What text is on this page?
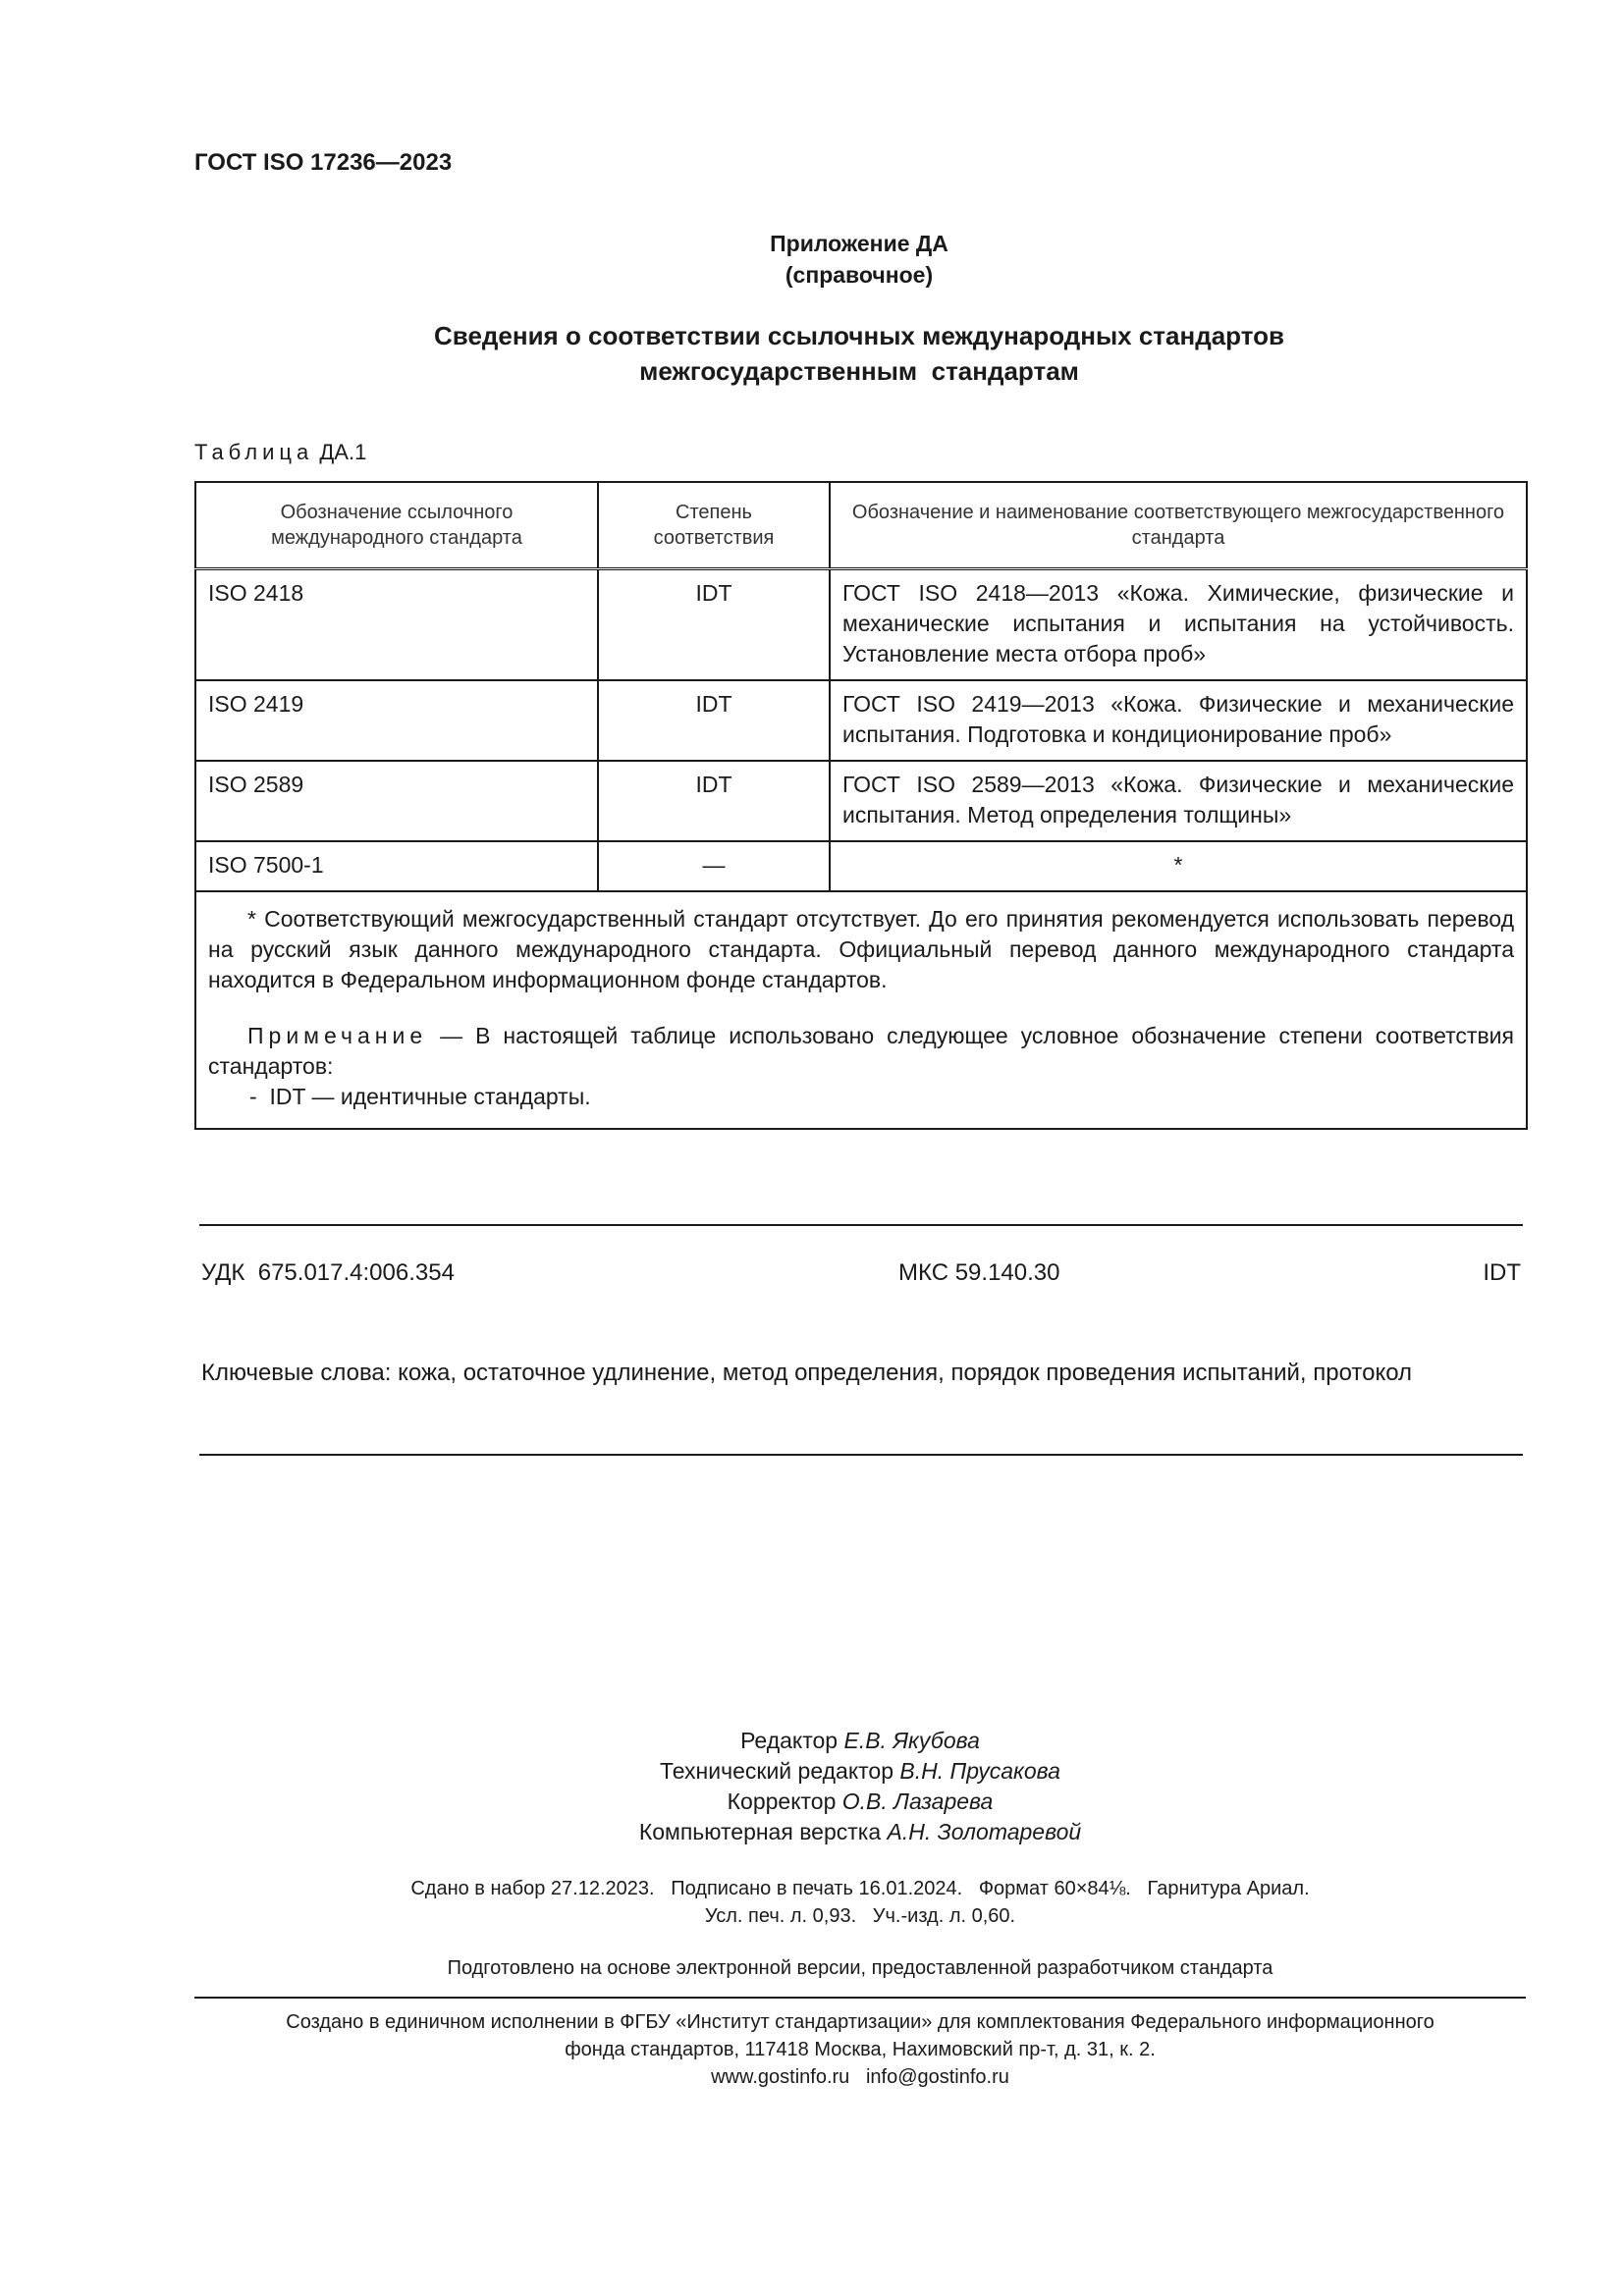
ГОСТ ISO 17236—2023
Приложение ДА
(справочное)
Сведения о соответствии ссылочных международных стандартов
межгосударственным  стандартам
Таблица ДА.1
Обозначение ссылочного международного стандарта	Степень соответствия	Обозначение и наименование соответствующего межгосударственного стандарта
ISO 2418	IDT	ГОСТ ISO 2418—2013 «Кожа. Химические, физические и механические испытания и испытания на устойчивость. Установление места отбора проб»
ISO 2419	IDT	ГОСТ ISO 2419—2013 «Кожа. Физические и механические испытания. Подготовка и кондиционирование проб»
ISO 2589	IDT	ГОСТ ISO 2589—2013 «Кожа. Физические и механические испытания. Метод определения толщины»
ISO 7500-1	—	*

* Соответствующий межгосударственный стандарт отсутствует. До его принятия рекомендуется использовать перевод на русский язык данного международного стандарта. Официальный перевод данного международного стандарта находится в Федеральном информационном фонде стандартов.

Примечание — В настоящей таблице использовано следующее условное обозначение степени соответствия стандартов:

-  IDT — идентичные стандарты.		

УДК  675.017.4:006.354	МКС 59.140.30	IDT
Ключевые слова: кожа, остаточное удлинение, метод определения, порядок проведения испытаний, протокол
Редактор Е.В. Якубова
Технический редактор В.Н. Прусакова
Корректор О.В. Лазарева
Компьютерная верстка А.Н. Золотаревой
Сдано в набор 27.12.2023.   Подписано в печать 16.01.2024.   Формат 60×84⅛.   Гарнитура Ариал.
Усл. печ. л. 0,93.   Уч.-изд. л. 0,60.
Подготовлено на основе электронной версии, предоставленной разработчиком стандарта
Создано в единичном исполнении в ФГБУ «Институт стандартизации» для комплектования Федерального информационного
фонда стандартов, 117418 Москва, Нахимовский пр-т, д. 31, к. 2.
www.gostinfo.ru   info@gostinfo.ru
